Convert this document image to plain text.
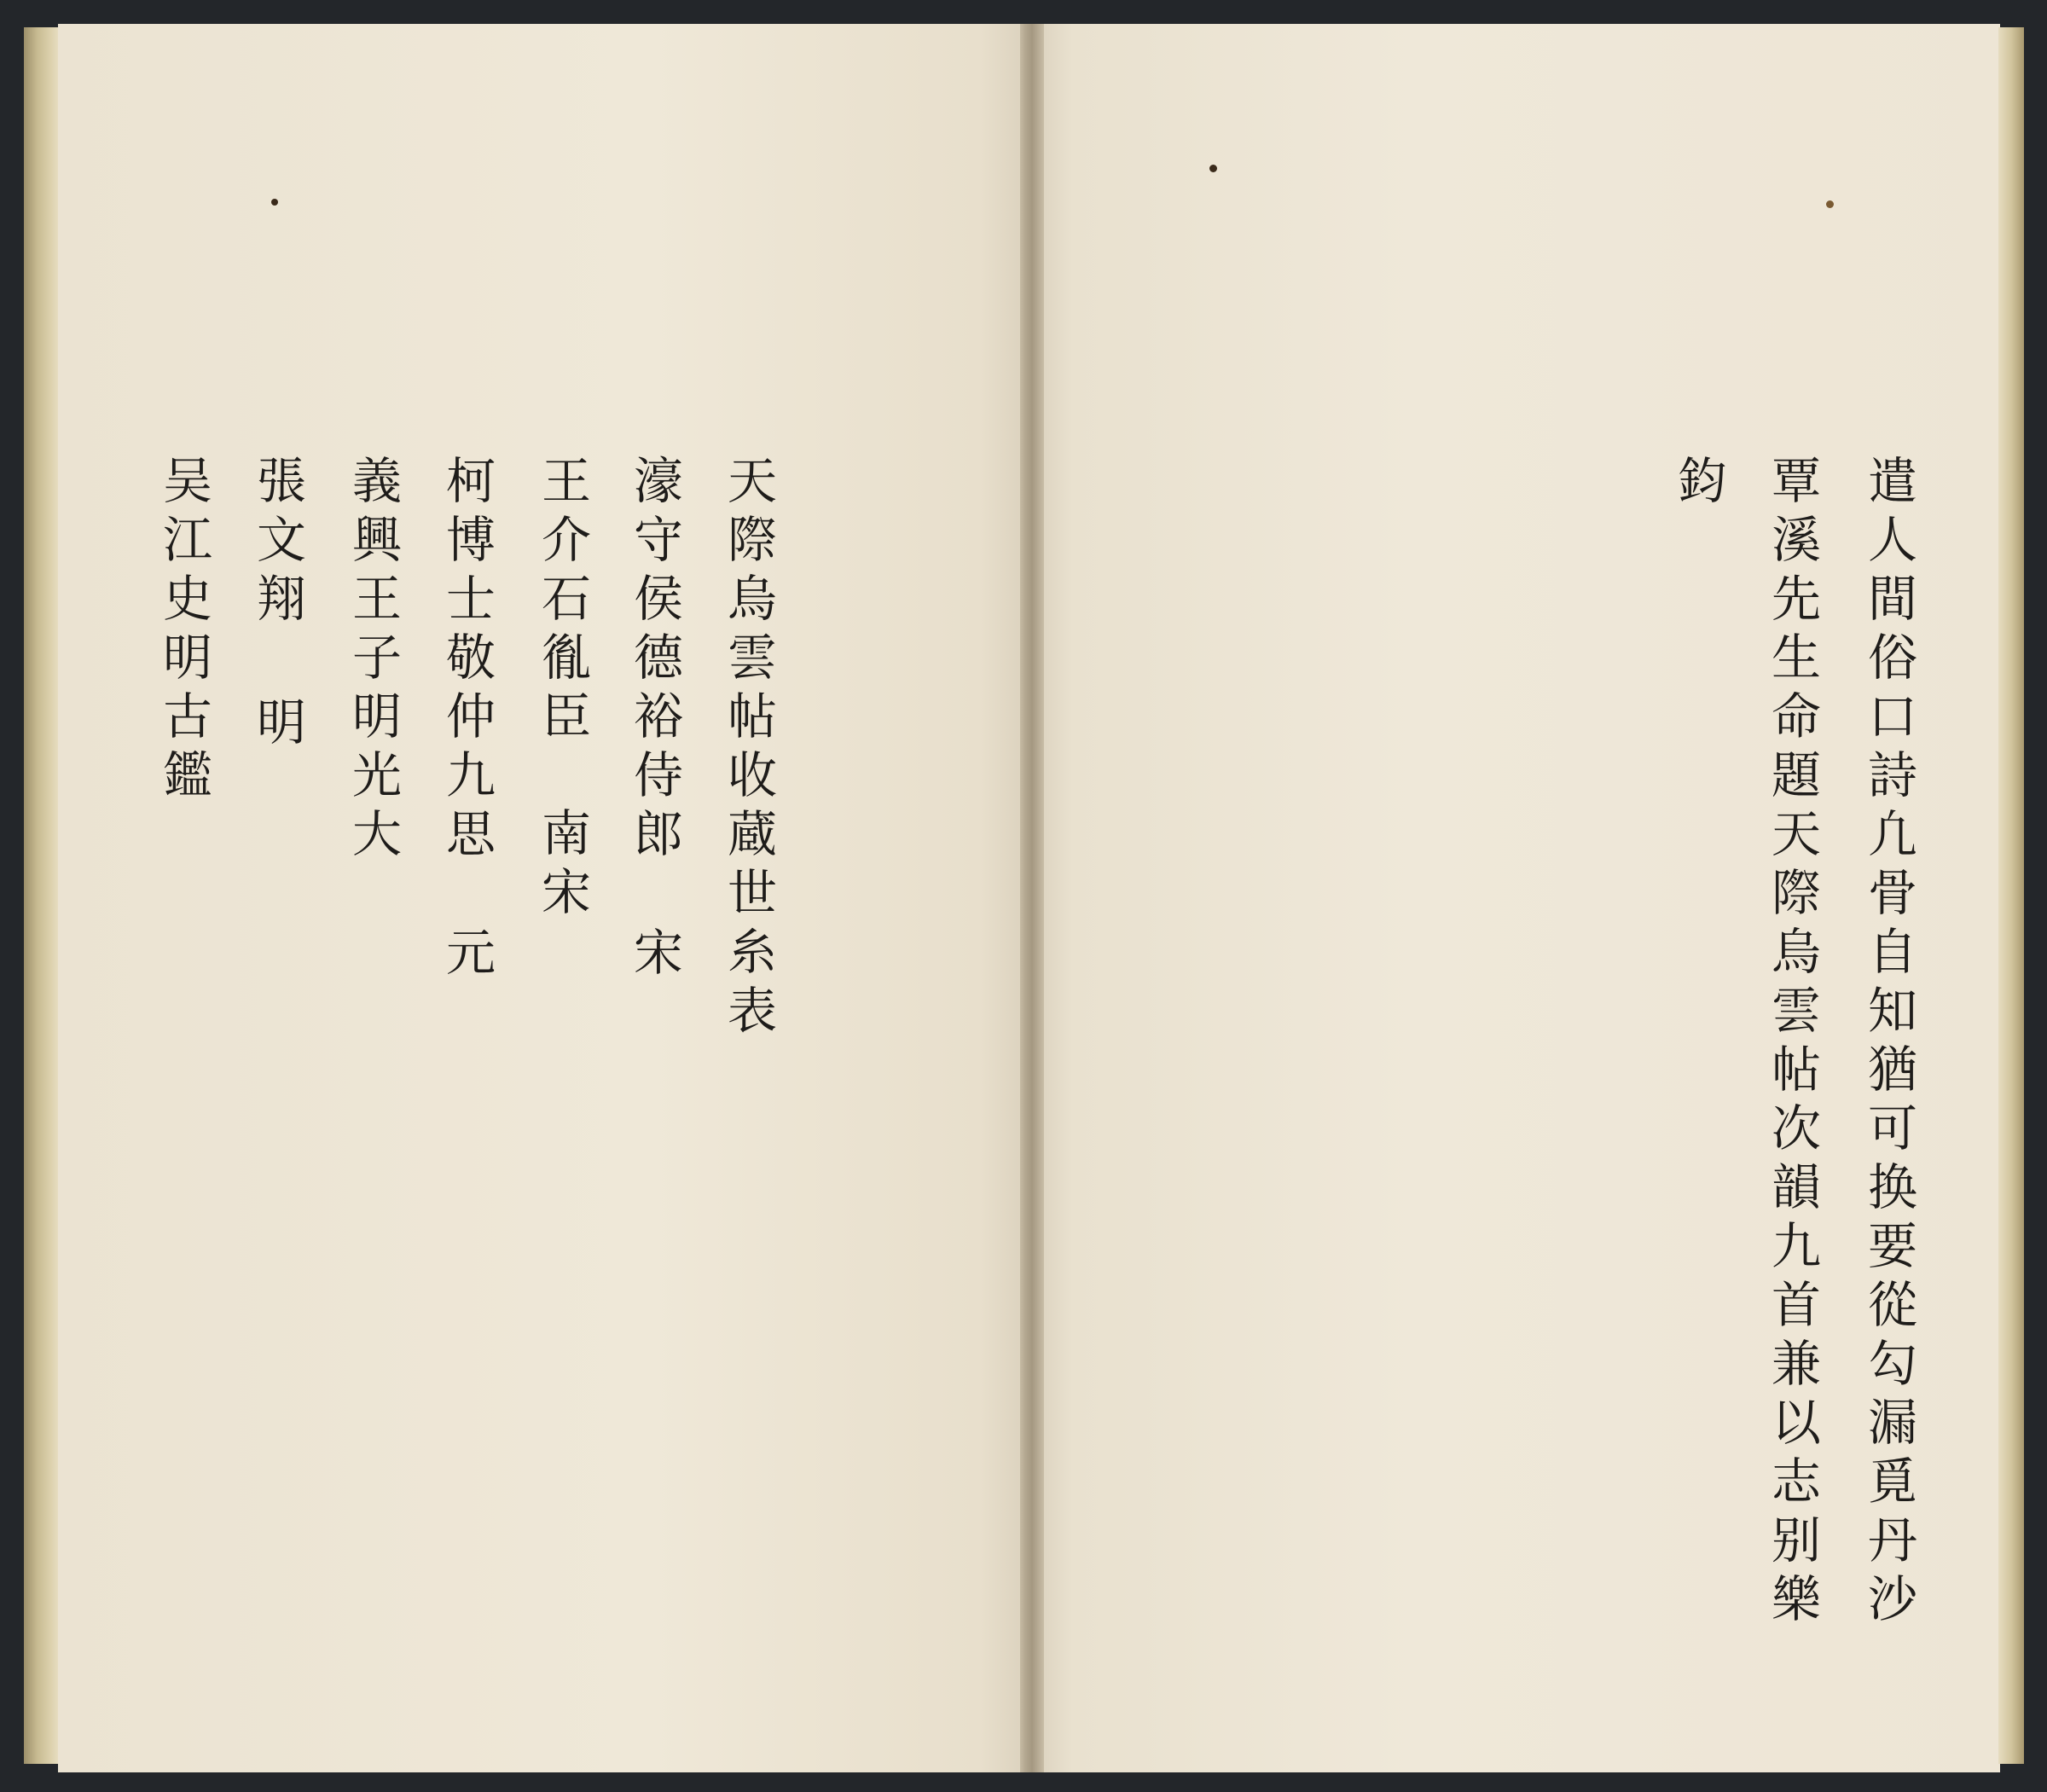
天際烏雲帖收蔵世糸表
濠守侯德裕侍郎
宋
王介石㣧臣
南宋
柯博士敬仲九思
元
義興王子明光大
張文翔
明
吴江史明古鑑	遣人間俗口詩凢骨自知猶可换要從勾漏覓丹沙
覃溪先生命題天際烏雲帖次韻九首兼以志别樂
鈞
